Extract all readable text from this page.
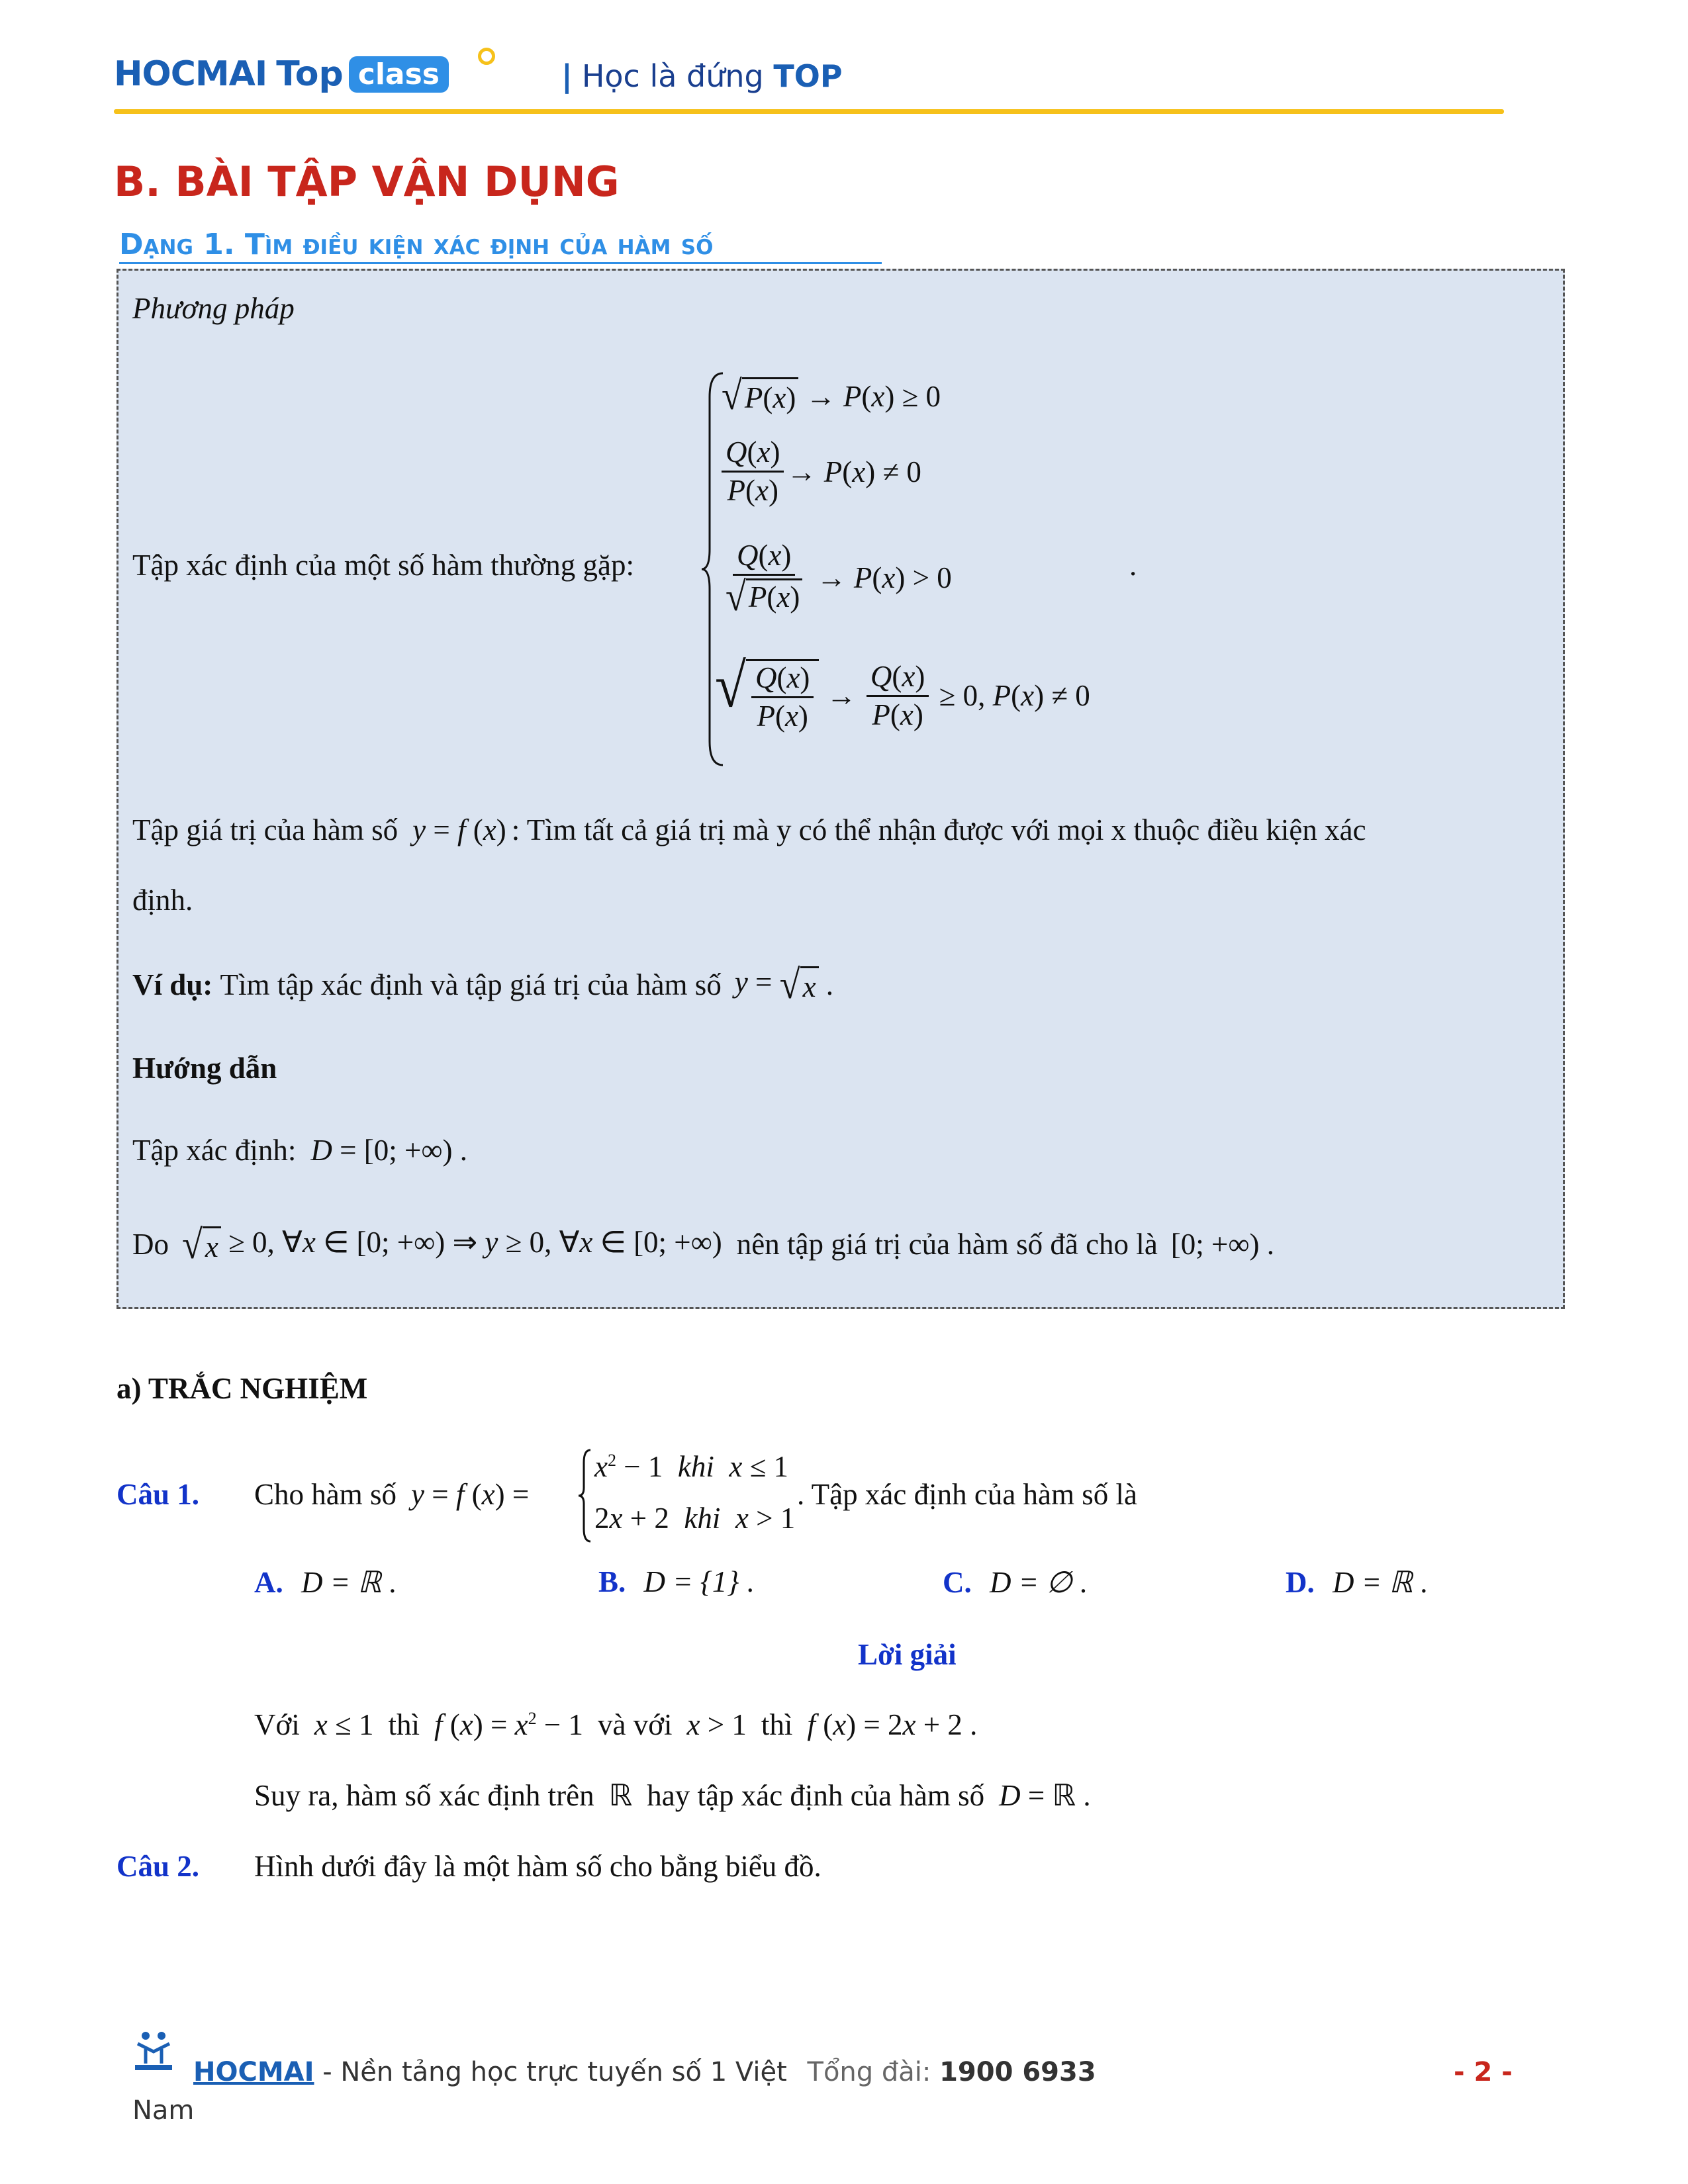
HOCMAI Top class	| Học là đứng TOP
B. BÀI TẬP VẬN DỤNG
Dạng 1. Tìm điều kiện xác định của hàm số
Phương pháp
Tập xác định của một số hàm thường gặp:
√ P(x) → P ( x ) ≥ 0
$\frac{Q(x)}{P(x)} \to P$ ( x ) ≠ 0
$\frac{Q(x)}{√ P(x)} \to P$ ( x ) > 0
√ $\frac{Q(x)}{P(x)} \to \frac{Q(x)}{P(x)} \ge 0$, P ( x ) ≠ 0
.
Tập giá trị của hàm số y = f (x) : Tìm tất cả giá trị mà y có thể nhận được với mọi x thuộc điều kiện xác
định.
Ví dụ:
Tìm tập xác định và tập giá trị của hàm số y = √ x .
Hướng dẫn
Tập xác định: D = [0; +∞) .
Do √ x ≥ 0, ∀x ∈ [0; +∞) ⇒ y ≥ 0, ∀x ∈ [0; +∞) nên tập giá trị của hàm số đã cho là [0; +∞) .
a) TRẮC NGHIỆM
Câu 1. Cho hàm số y = f (x) =
$x^2 - 1$  khi  x ≤ 1
2x + 2  khi  x > 1
. Tập xác định của hàm số là
A. D = ℝ .	B. D = {1} .	C. D = ∅ .	D. D = ℝ .
Lời giải
Với x ≤ 1 thì f $(x) = x^2 - 1$ và với x > 1 thì f (x) = 2x + 2 .
Suy ra, hàm số xác định trên ℝ hay tập xác định của hàm số D = ℝ .
Câu 2. Hình dưới đây là một hàm số cho bằng biểu đồ.
HOCMAI - Nền tảng học trực tuyến số 1 Việt Tổng đài: 1900 6933
Nam
- 2 -
